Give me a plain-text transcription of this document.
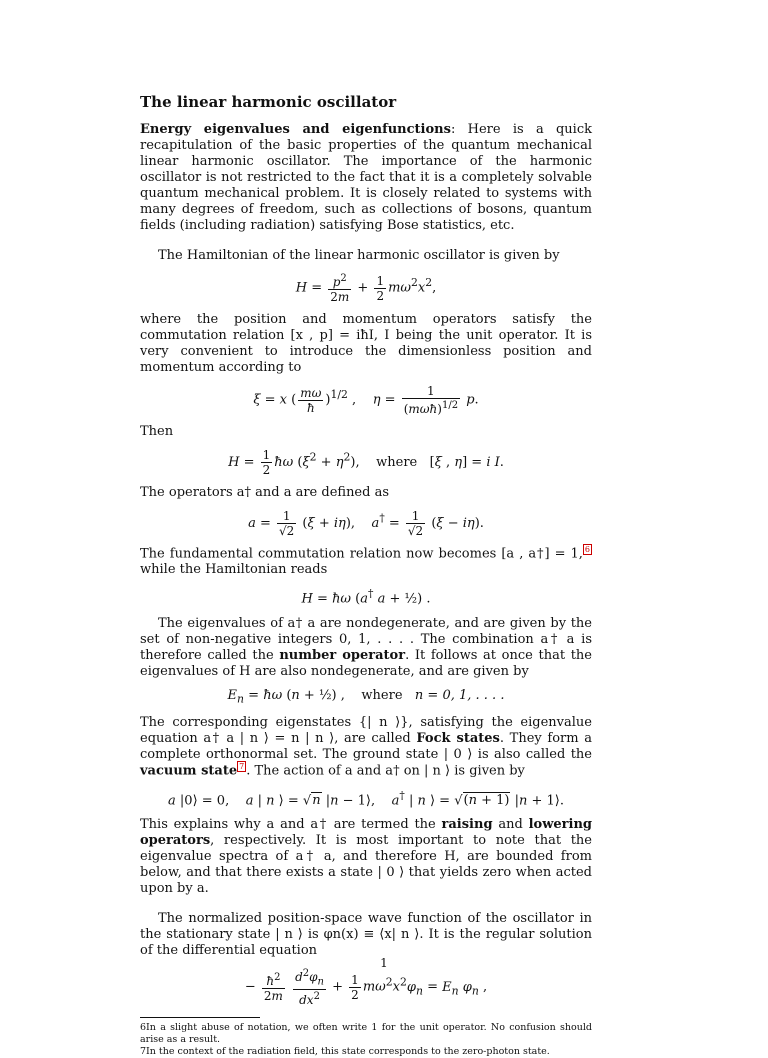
The linear harmonic oscillator

Energy eigenvalues and eigenfunctions: Here is a quick recapitulation of the basic properties of the quantum mechanical linear harmonic oscillator. The importance of the harmonic oscillator is not restricted to the fact that it is a completely solvable quantum mechanical problem. It is closely related to systems with many degrees of freedom, such as collections of bosons, quantum fields (including radiation) satisfying Bose statistics, etc.

The Hamiltonian of the linear harmonic oscillator is given by

$H = \frac{p^2}{2m} + \frac{1}{2} m\omega^2x^2$,

where the position and momentum operators satisfy the commutation relation [x , p] = iħI, I being the unit operator. It is very convenient to introduce the dimensionless position and momentum according to

ξ = x ( $\frac{m\omega}{ħ} )^{1/2}$ ,    $\eta = \frac{1}{(m\omega ħ)^{1/2}} p$.

Then

$H = \frac{1}{2}$ ħω $(\xi^2 + \eta^2)$,    where   [ξ , η] = i I.

The operators a† and a are defined as

$a = \frac{1}{√2} (\xi + i\eta)$,    $a^\dagger = \frac{1}{√2} (\xi - i\eta)$.

The fundamental commutation relation now becomes [a , a†] = 1, $^6$ while the Hamiltonian reads

H = ħω (a† a + ½) .

The eigenvalues of a† a are nondegenerate, and are given by the set of non-negative integers 0, 1, . . . . The combination a† a is therefore called the number operator. It follows at once that the eigenvalues of H are also nondegenerate, and are given by

$E_n$ = ħω (n + ½) ,    where n = 0, 1, . . . .

The corresponding eigenstates {| n ⟩}, satisfying the eigenvalue equation a† a | n ⟩ = n | n ⟩, are called Fock states. They form a complete orthonormal set. The ground state | 0 ⟩ is also called the vacuum state $^7$ . The action of a and a† on | n ⟩ is given by

a |0⟩ = 0,    a | n ⟩ = √n |n − 1⟩,    a† | n ⟩ = √(n + 1) |n + 1⟩.

This explains why a and a† are termed the raising and lowering operators, respectively. It is most important to note that the eigenvalue spectra of a† a, and therefore H, are bounded from below, and that there exists a state | 0 ⟩ that yields zero when acted upon by a.

The normalized position-space wave function of the oscillator in the stationary state | n ⟩ is φn(x) ≡ ⟨x| n ⟩. It is the regular solution of the differential equation

− $\frac{ħ^2}{2m}$
$\frac{d^2\varphi_n}{dx^2} + \frac{1}{2} m\omega^2x^2\varphi_n = E_n$ $\varphi_n$ ,

6In a slight abuse of notation, we often write 1 for the unit operator. No confusion should arise as a result.

7In the context of the radiation field, this state corresponds to the zero-photon state.

1
